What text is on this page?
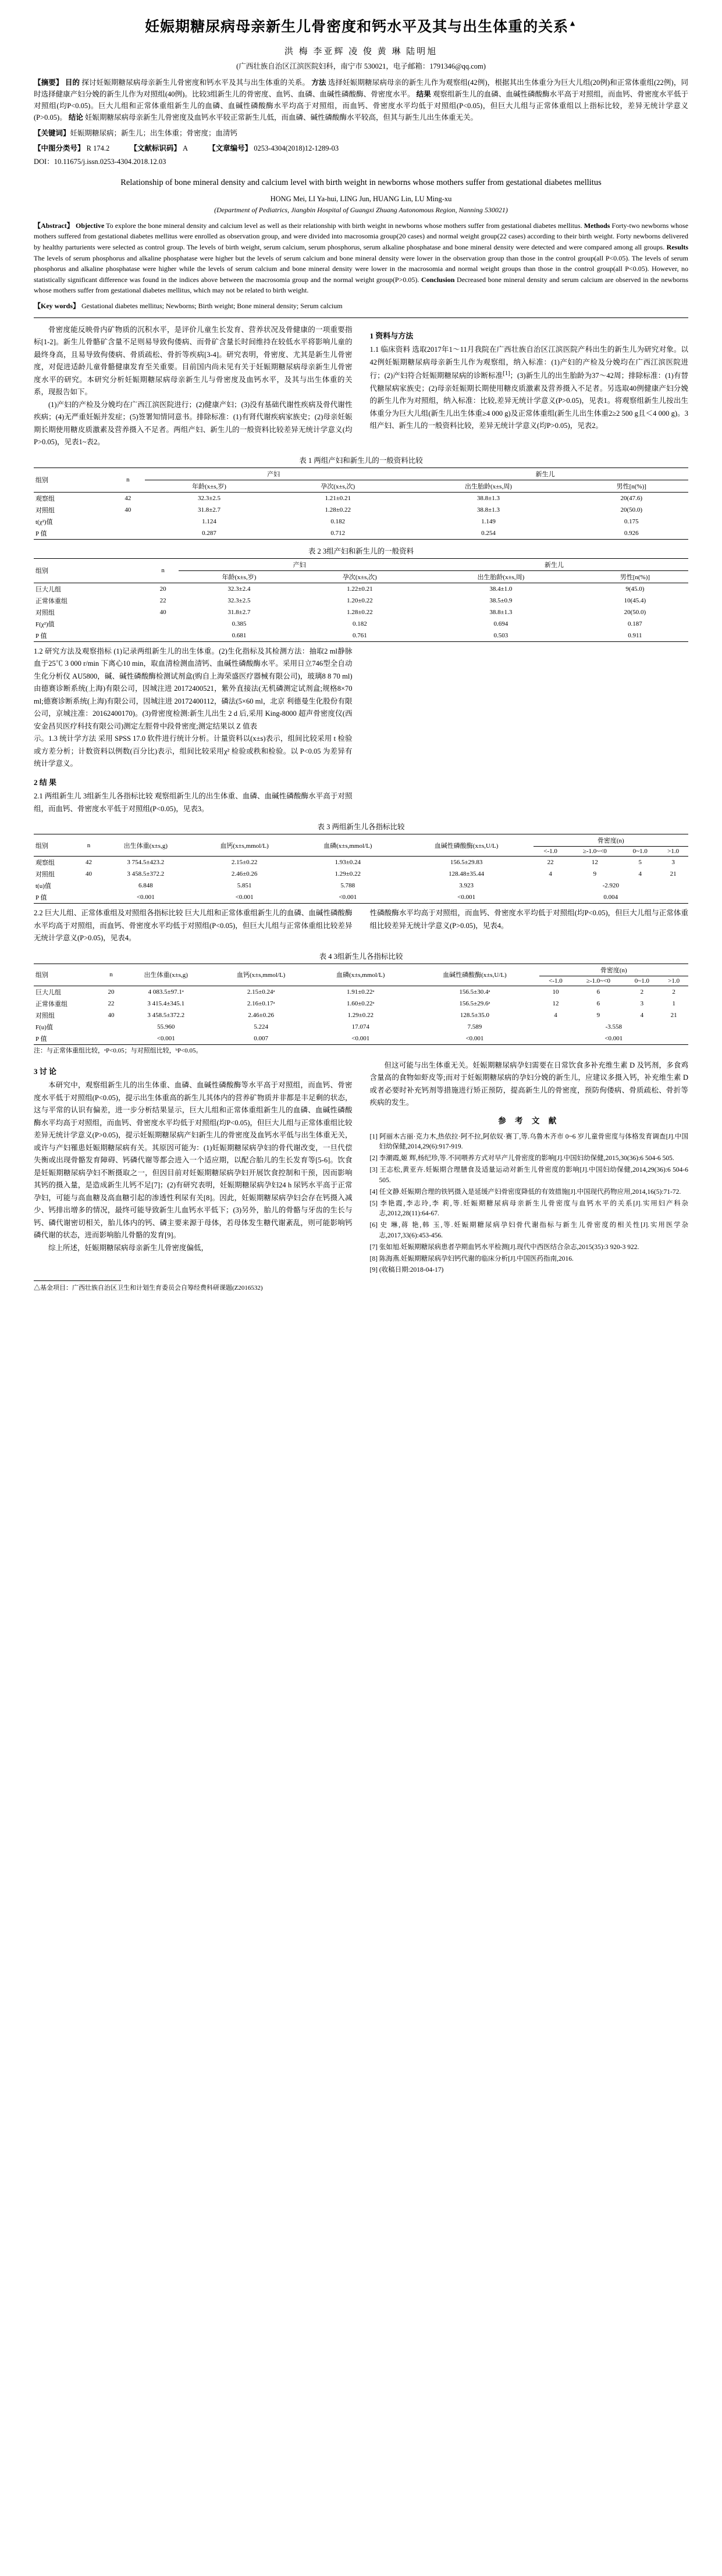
妊娠期糖尿病母亲新生儿骨密度和钙水平及其与出生体重的关系▲
洪 梅 李亚辉 凌 俊 黄 琳 陆明旭
(广西壮族自治区江滨医院妇科，南宁市 530021，电子邮箱：1791346@qq.com)
【摘要】 目的 探讨妊娠期糖尿病母亲新生儿骨密度和钙水平及其与出生体重的关系。 方法 选择妊娠期糖尿病母亲的新生儿作为观察组(42例)，根据其出生体重分为巨大儿组(20例)和正常体重组(22例)，同时选择健康产妇分娩的新生儿作为对照组(40例)。比较3组新生儿的骨密度、血钙、血磷、血碱性磷酸酶、骨密度水平。 结果 观察组新生儿的血磷、血碱性磷酸酶水平高于对照组，而血钙、骨密度水平低于对照组(均P<0.05)。巨大儿组和正常体重组新生儿的血磷、血碱性磷酸酶水平均高于对照组，而血钙、骨密度水平均低于对照组(P<0.05)，但巨大儿组与正常体重组以上指标比较，差异无统计学意义(P>0.05)。 结论 妊娠期糖尿病母亲新生儿骨密度及血钙水平较正常新生儿低，而血磷、碱性磷酸酶水平较高，但其与新生儿出生体重无关。
【关键词】妊娠期糖尿病；新生儿；出生体重；骨密度；血清钙
【中图分类号】 R 174.2	【文献标识码】 A	【文章编号】 0253-4304(2018)12-1289-03
DOI：10.11675/j.issn.0253-4304.2018.12.03
Relationship of bone mineral density and calcium level with birth weight in newborns whose mothers suffer from gestational diabetes mellitus
HONG Mei, LI Ya-hui, LING Jun, HUANG Lin, LU Ming-xu
(Department of Pediatrics, Jiangbin Hospital of Guangxi Zhuang Autonomous Region, Nanning 530021)
【Abstract】 Objective To explore the bone mineral density and calcium level as well as their relationship with birth weight in newborns whose mothers suffer from gestational diabetes mellitus. Methods Forty-two newborns whose mothers suffered from gestational diabetes mellitus were enrolled as observation group, and were divided into macrosomia group(20 cases) and normal weight group(22 cases) according to their birth weight. Forty newborns delivered by healthy parturients were selected as control group. The levels of birth weight, serum calcium, serum phosphorus, serum alkaline phosphatase and bone mineral density were detected and were compared among all groups. Results The levels of serum phosphorus and alkaline phosphatase were higher but the levels of serum calcium and bone mineral density were lower in the observation group than those in the control group(all P<0.05). The levels of serum phosphorus and alkaline phosphatase were higher while the levels of serum calcium and bone mineral density were lower in the macrosomia and normal weight groups than those in the control group(all P<0.05). However, no statistically significant difference was found in the indices above between the macrosomia group and the normal weight group(P>0.05). Conclusion Decreased bone mineral density and serum calcium are observed in the newborns whose mothers suffer from gestational diabetes mellitus, which may not be related to birth weight.
【Key words】 Gestational diabetes mellitus; Newborns; Birth weight; Bone mineral density; Serum calcium

骨密度能反映骨内矿物质的沉积水平，是评价儿童生长发育、营养状况及骨健康的一项重要指标[1-2]。新生儿骨骼矿含量不足则易导致佝偻病、而骨矿含量长时间维持在较低水平将影响儿童的最终身高，且易导致佝偻病、骨质疏松、骨折等疾病[3-4]。研究表明，骨密度、尤其是新生儿骨密度，对促进适龄儿童骨骼健康发育至关重要。目前国内尚未见有关于妊娠期糖尿病母亲新生儿骨密度水平的研究。本研究分析妊娠期糖尿病母亲新生儿与骨密度及血钙水平，及其与出生体重的关系，现报告如下。

(1)产妇的产检及分娩均在广西江滨医院进行；(2)健康产妇；(3)没有基础代谢性疾病及骨代谢性疾病；(4)无严重妊娠并发症；(5)签署知情同意书。排除标准：(1)有肾代谢疾病家族史；(2)母亲妊娠期长期使用糖皮质激素及营养摄入不足者。两组产妇、新生儿的一般资料比较差异无统计学意义(均P>0.05)，见表1~表2。

1 资料与方法

1.1 临床资料 选取2017年1～11月我院在广西壮族自治区江滨医院产科出生的新生儿为研究对象。以42例妊娠期糖尿病母亲新生儿作为观察组，纳入标准：(1)产妇的产检及分娩均在广西江滨医院进行；(2)产妇符合妊娠期糖尿病的诊断标准[1]；(3)新生儿的出生胎龄为37～42周；排除标准：(1)有替代糖尿病家族史；(2)母亲妊娠期长期使用糖皮质激素及营养摄入不足者。另选取40例健康产妇分娩的新生儿作为对照组，纳入标准：比较,差异无统计学意义(P>0.05)，见表1。将观察组新生儿按出生体重分为巨大儿组(新生儿出生体重≥4 000 g)及正常体重组(新生儿出生体重2≥2 500 g且＜4 000 g)。3组产妇、新生儿的一般资料比较，差异无统计学意义(均P>0.05)，见表2。

表 1 两组产妇和新生儿的一般资料比较
组别	n	产妇		新生儿	
		年龄(x±s,岁)	孕次(x±s,次)	出生胎龄(x±s,周)	男性[n(%)]
观察组	42	32.3±2.5	1.21±0.21	38.8±1.3	20(47.6)
对照组	40	31.8±2.7	1.28±0.22	38.8±1.3	20(50.0)
t(χ²)值		1.124	0.182	1.149	0.175
P 值		0.287	0.712	0.254	0.926
表 2 3组产妇和新生儿的一般资料
组别	n	产妇		新生儿	
		年龄(x±s,岁)	孕次(x±s,次)	出生胎龄(x±s,周)	男性[n(%)]
巨大儿组	20	32.3±2.4	1.22±0.21	38.4±1.0	9(45.0)
正常体重组	22	32.3±2.5	1.20±0.22	38.5±0.9	10(45.4)
对照组	40	31.8±2.7	1.28±0.22	38.8±1.3	20(50.0)
F(χ²)值		0.385	0.182	0.694	0.187
P 值		0.681	0.761	0.503	0.911

1.2 研究方法及观察指标 (1)记录两组新生儿的出生体重。(2)生化指标及其检测方法：抽取2 ml静脉血于25℃ 3 000 r/min 下离心10 min，取血清检测血清钙、血碱性磷酸酶水平。采用日立746型全自动生化分析仪 AU5800，碱、碱性磷酸酶检测试剂盒(购自上海荣盛医疗器械有限公司)，玻璃8 8 70 ml)由德赛诊断系统(上海)有限公司，因城注进 20172400521，紫外直接法(无机磷测定试剂盒;规格8×70 ml;德赛诊断系统(上海)有限公司，因城注进 20172400112，磷法(5×60 ml，北京 利德曼生化股份有限公司，京城注准：20162400170)。(3)骨密度检测:新生儿出生 2 d 后,采用 King-8000 超声骨密度仪(西安金昌贝医疗科技有限公司)测定左脛骨中段骨密度;测定结果以 Z 值表

示。1.3 统计学方法 采用 SPSS 17.0 软件进行统计分析。计量资料以(x±s)表示，组间比较采用 t 检验或方差分析；计数资料以例数(百分比)表示，组间比较采用χ² 检验或秩和检验。以 P<0.05 为差异有统计学意义。

2 结 果

2.1 两组新生儿 3组新生儿各指标比较 观察组新生儿的出生体重、血磷、血碱性磷酸酶水平高于对照组，而血钙、骨密度水平低于对照组(P<0.05)，见表3。

表 3 两组新生儿各指标比较
组别	n	出生体重(x±s,g)	血钙(x±s,mmol/L)	血磷(x±s,mmol/L)	血碱性磷酸酶(x±s,U/L)	骨密度(n)			
						<-1.0	≥-1.0~<0	0~1.0	>1.0
观察组	42	3 754.5±423.2	2.15±0.22	1.93±0.24	156.5±29.83	22	12	5	3
对照组	40	3 458.5±372.2	2.46±0.26	1.29±0.22	128.48±35.44	4	9	4	21
t(u)值		6.848	5.851	5.788	3.923	-2.920			
P 值		<0.001	<0.001	<0.001	<0.001	0.004			

2.2 巨大儿组、正常体重组及对照组各指标比较 巨大儿组和正常体重组新生儿的血磷、血碱性磷酸酶水平均高于对照组，而血钙、骨密度水平均低于对照组(P<0.05)，但巨大儿组与正常体重组比较差异无统计学意义(P>0.05)，见表4。

性磷酸酶水平均高于对照组，而血钙、骨密度水平均低于对照组(均P<0.05)，但巨大儿组与正常体重组比较差异无统计学意义(P>0.05)，见表4。

表 4 3组新生儿各指标比较
组别	n	出生体重(x±s,g)	血钙(x±s,mmol/L)	血磷(x±s,mmol/L)	血碱性磷酸酶(x±s,U/L)	骨密度(n)			
						<-1.0	≥-1.0~<0	0~1.0	>1.0
巨大儿组	20	4 083.5±97.1ᵃ	2.15±0.24ᵃ	1.91±0.22ᵃ	156.5±30.4ᵃ	10	6	2	2
正常体重组	22	3 415.4±345.1	2.16±0.17ᵃ	1.60±0.22ᵃ	156.5±29.6ᵃ	12	6	3	1
对照组	40	3 458.5±372.2	2.46±0.26	1.29±0.22	128.5±35.0	4	9	4	21
F(u)值		55.960	5.224	17.074	7.589	-3.558			
P 值		<0.001	0.007	<0.001	<0.001	<0.001			
注：与正常体重组比较，ᵃP<0.05；与对照组比较，ᵇP<0.05。
3 讨 论

本研究中，观察组新生儿的出生体重、血磷、血碱性磷酸酶等水平高于对照组，而血钙、骨密度水平低于对照组(P<0.05)，提示出生体重高的新生儿其体内的营养矿物质并非都是丰足剩的状态，这与平常的认识有偏差，进一步分析结果显示，巨大儿组和正常体重组新生儿的血磷、血碱性磷酸酶水平均高于对照组，而血钙、骨密度水平均低于对照组(均P<0.05)，但巨大儿组与正常体重组比较差异无统计学意义(P>0.05)，提示妊娠期糖尿病产妇新生儿的骨密度及血钙水平低与出生体重无关，或许与产妇罹患妊娠期糖尿病有关。其原因可能为：(1)妊娠期糖尿病孕妇的骨代谢改变，一旦代偿失衡或出现骨骼发育障碍、钙磷代谢等都会进入一个适应期，以配合胎儿的生长发育等[5-6]。饮食是妊娠期糖尿病孕妇不断摄取之一，但因目前对妊娠期糖尿病孕妇开展饮食控制和干预，因而影响其钙的摄入量，是造成新生儿钙不足[7]；(2)有研究表明，妊娠期糖尿病孕妇24 h 尿钙水平高于正常孕妇，可能与高血糖及高血糖引起的渗透性利尿有关[8]。因此，妊娠期糖尿病孕妇会存在钙摄入减少、钙排出增多的情况，最终可能导致新生儿血钙水平低下；(3)另外，胎儿的骨骼与牙齿的生长与钙、磷代谢密切相关，胎儿体内的钙、磷主要来源于母体，若母体发生糖代谢紊乱，则可能影响钙磷代谢的状态，进而影响胎儿骨骼的发育[9]。

综上所述，妊娠期糖尿病母亲新生儿骨密度偏低，

但这可能与出生体重无关。妊娠期糖尿病孕妇需要在日常饮食多补充维生素 D 及钙剂，多食鸡含量高的食物如虾皮等;而对于妊娠期糖尿病的孕妇分娩的新生儿，应建议多摄入钙，补充维生素 D 或者必要时补充钙剂等措施进行矫正预防，提高新生儿的骨密度，预防佝偻病、骨质疏松、骨折等疾病的发生。

参 考 文 献

[1] 阿丽木古丽·克力木,热依拉·阿不拉,阿依奴·赛丁,等.乌鲁木齐市 0~6 岁儿童骨密度与体格发育调查[J].中国妇幼保健,2014,29(6):917-919.

[2] 李潮霞,姬 辉,杨纪珍,等.不同喂养方式对早产儿骨密度的影响[J].中国妇幼保健,2015,30(36):6 504-6 505.

[3] 王志松,黄亚卉.妊娠期合理膳食及适量运动对新生儿骨密度的影响[J].中国妇幼保健,2014,29(36):6 504-6 505.

[4] 任文静.妊娠期合理的铁钙摄入是延缓产妇骨密度降低的有效措施[J].中国现代药物应用,2014,16(5):71-72.

[5] 李艳霞,李志玲,李 莉,等.妊娠期糖尿病母亲新生儿骨密度与血钙水平的关系[J].实用妇产科杂志,2012,28(11):64-67.

[6] 史 琳,蒋 艳,韩 玉,等.妊娠期糖尿病孕妇骨代谢指标与新生儿骨密度的相关性[J].实用医学杂志,2017,33(6):453-456.

[7] 张如旭.妊娠期糖尿病患者孕期血钙水平检测[J].现代中西医结合杂志,2015(35):3 920-3 922.

[8] 陈海燕.妊娠期糖尿病孕妇钙代谢的临床分析[J].中国医药指南,2016.

[9] (收稿日期:2018-04-17)

△基金项目：广西壮族自治区卫生和计划生育委员会自筹经费科研课题(Z2016532)
